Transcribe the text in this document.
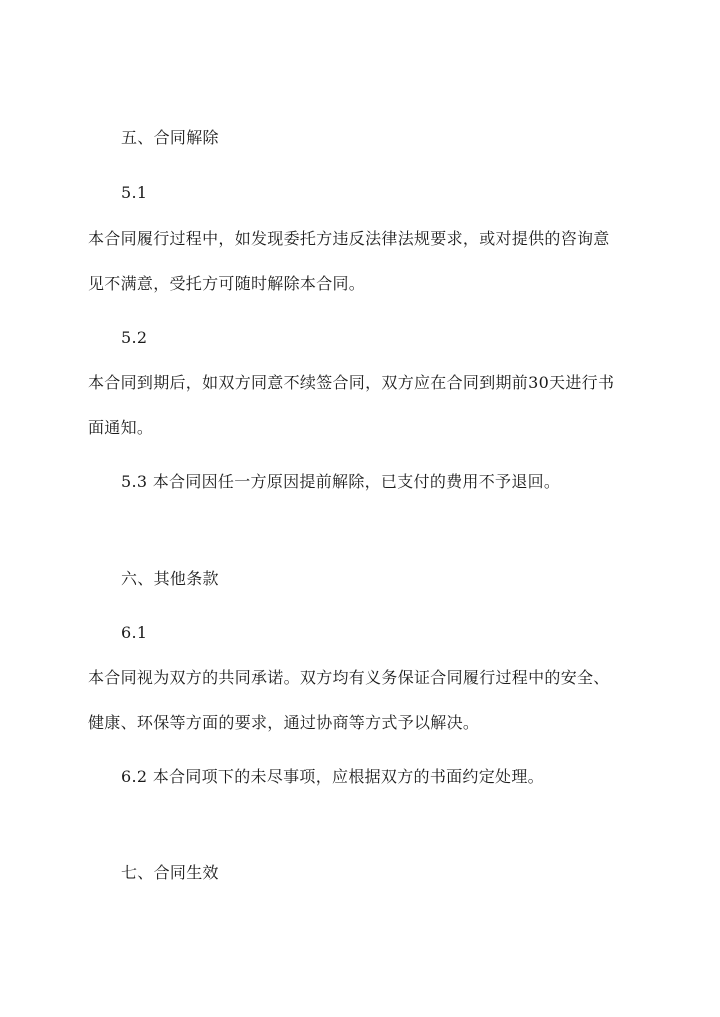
五、合同解除
5.1
本合同履行过程中，如发现委托方违反法律法规要求，或对提供的咨询意
见不满意，受托方可随时解除本合同。
5.2
本合同到期后，如双方同意不续签合同，双方应在合同到期前30天进行书
面通知。
5.3 本合同因任一方原因提前解除，已支付的费用不予退回。
六、其他条款
6.1
本合同视为双方的共同承诺。双方均有义务保证合同履行过程中的安全、
健康、环保等方面的要求，通过协商等方式予以解决。
6.2 本合同项下的未尽事项，应根据双方的书面约定处理。
七、合同生效
